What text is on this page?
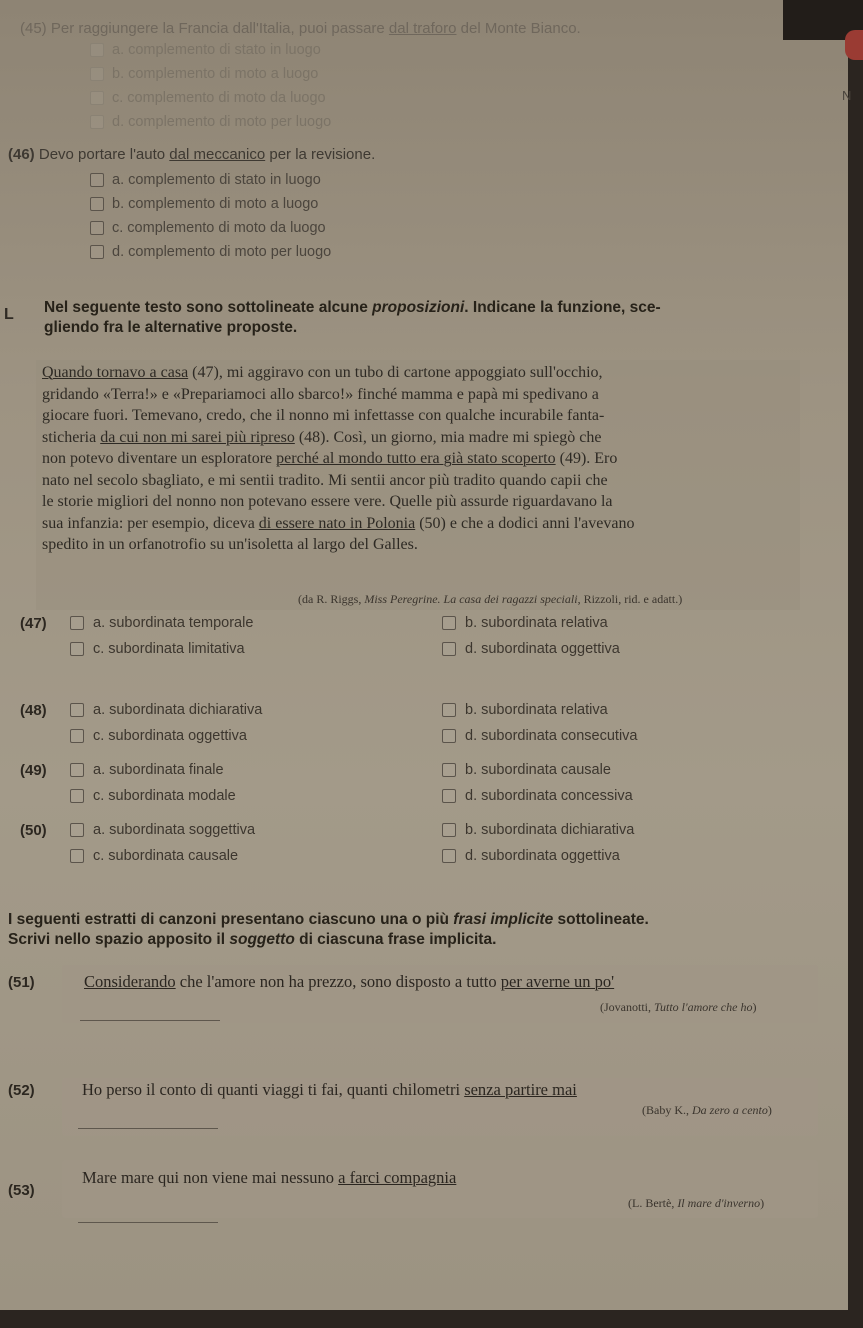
N
(45) Per raggiungere la Francia dall'Italia, puoi passare dal traforo del Monte Bianco.
a. complemento di stato in luogo
b. complemento di moto a luogo
c. complemento di moto da luogo
d. complemento di moto per luogo
(46) Devo portare l'auto dal meccanico per la revisione.
a. complemento di stato in luogo
b. complemento di moto a luogo
c. complemento di moto da luogo
d. complemento di moto per luogo
L Nel seguente testo sono sottolineate alcune proposizioni. Indicane la funzione, sce-
gliendo fra le alternative proposte.
Quando tornavo a casa (47), mi aggiravo con un tubo di cartone appoggiato sull'occhio,
gridando «Terra!» e «Prepariamoci allo sbarco!» finché mamma e papà mi spedivano a
giocare fuori. Temevano, credo, che il nonno mi infettasse con qualche incurabile fanta-
sticheria da cui non mi sarei più ripreso (48). Così, un giorno, mia madre mi spiegò che
non potevo diventare un esploratore perché al mondo tutto era già stato scoperto (49). Ero
nato nel secolo sbagliato, e mi sentii tradito. Mi sentii ancor più tradito quando capii che
le storie migliori del nonno non potevano essere vere. Quelle più assurde riguardavano la
sua infanzia: per esempio, diceva di essere nato in Polonia (50) e che a dodici anni l'avevano
spedito in un orfanotrofio su un'isoletta al largo del Galles.
(da R. Riggs, Miss Peregrine. La casa dei ragazzi speciali, Rizzoli, rid. e adatt.)
(47)	a. subordinata temporale	b. subordinata relativa
c. subordinata limitativa	d. subordinata oggettiva
(48)	a. subordinata dichiarativa	b. subordinata relativa
c. subordinata oggettiva	d. subordinata consecutiva
(49)	a. subordinata finale	b. subordinata causale
c. subordinata modale	d. subordinata concessiva
(50)	a. subordinata soggettiva	b. subordinata dichiarativa
c. subordinata causale	d. subordinata oggettiva
I seguenti estratti di canzoni presentano ciascuno una o più frasi implicite sottolineate.
Scrivi nello spazio apposito il soggetto di ciascuna frase implicita.
(51)	Considerando che l'amore non ha prezzo, sono disposto a tutto per averne un po'
(Jovanotti, Tutto l'amore che ho)
(52)	Ho perso il conto di quanti viaggi ti fai, quanti chilometri senza partire mai
(Baby K., Da zero a cento)
(53)
Mare mare qui non viene mai nessuno a farci compagnia
(L. Bertè, Il mare d'inverno)
